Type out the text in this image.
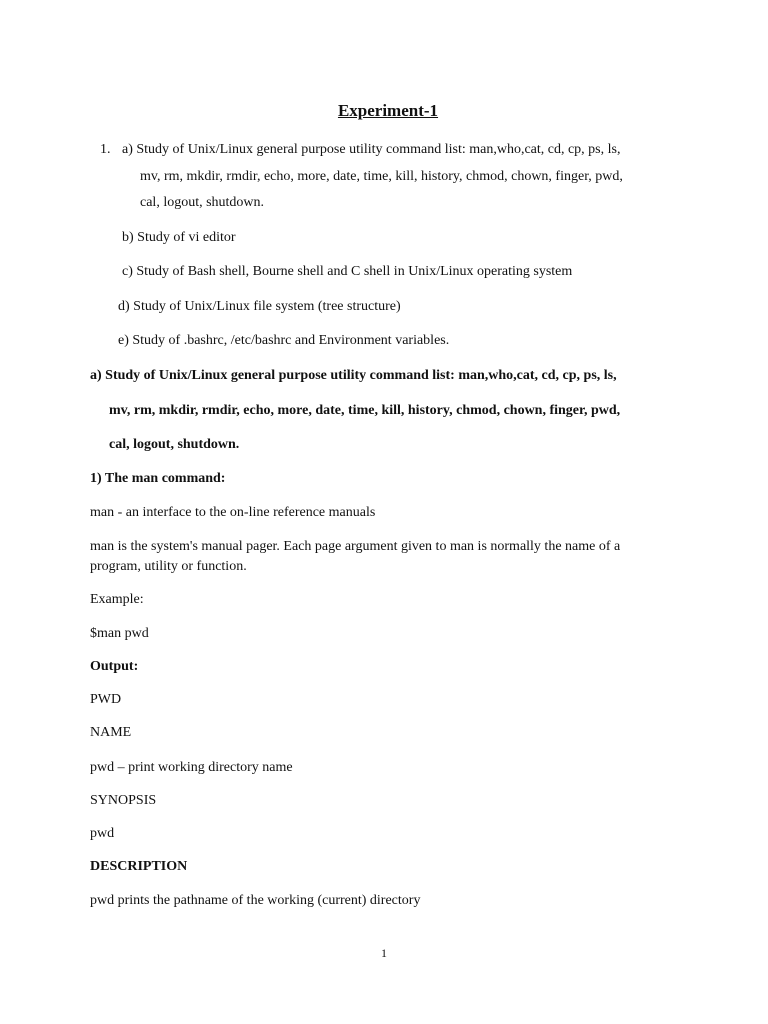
Experiment-1
1. a) Study of Unix/Linux general purpose utility command list: man,who,cat, cd, cp, ps, ls,
mv, rm, mkdir, rmdir, echo, more, date, time, kill, history, chmod, chown, finger, pwd,
cal, logout, shutdown.
b) Study of vi editor
c) Study of Bash shell, Bourne shell and C shell in Unix/Linux operating system
d) Study of Unix/Linux file system (tree structure)
e) Study of .bashrc, /etc/bashrc and Environment variables.
a) Study of Unix/Linux general purpose utility command list: man,who,cat, cd, cp, ps, ls,
mv, rm, mkdir, rmdir, echo, more, date, time, kill, history, chmod, chown, finger, pwd,
cal, logout, shutdown.
1) The man command:
man - an interface to the on-line reference manuals
man is the system's manual pager. Each page argument given to man is normally the name of a
program, utility or function.
Example:
$man pwd
Output:
PWD
NAME
pwd – print working directory name
SYNOPSIS
pwd
DESCRIPTION
pwd prints the pathname of the working (current) directory
1
